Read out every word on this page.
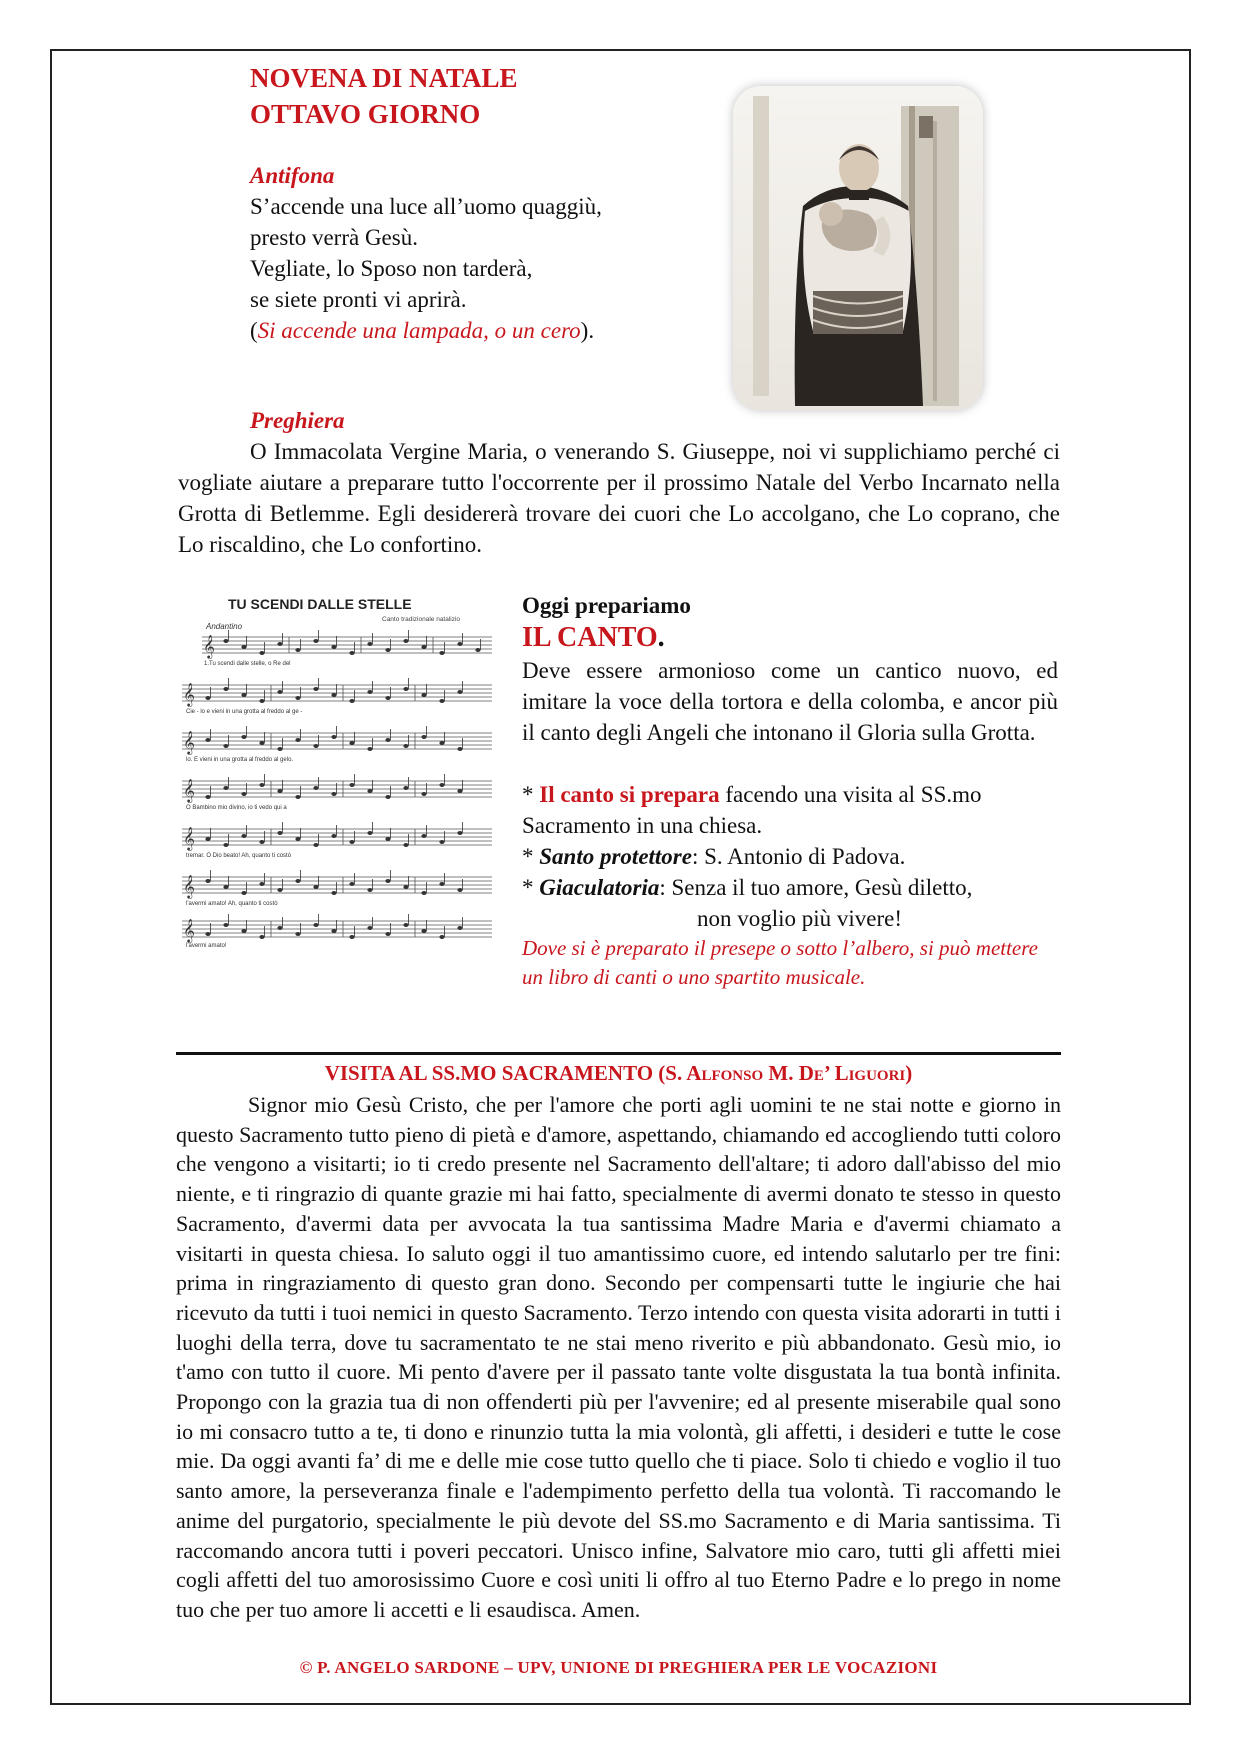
NOVENA DI NATALE
OTTAVO GIORNO
Antifona
S’accende una luce all’uomo quaggiù,
presto verrà Gesù.
Vegliate, lo Sposo non tarderà,
se siete pronti vi aprirà.
(Si accende una lampada, o un cero).
Preghiera
O Immacolata Vergine Maria, o venerando S. Giuseppe, noi vi supplichiamo perché ci vogliate aiutare a preparare tutto l'occorrente per il prossimo Natale del Verbo Incarnato nella Grotta di Betlemme. Egli desidererà trovare dei cuori che Lo accolgano, che Lo coprano, che Lo riscaldino, che Lo confortino.
TU SCENDI DALLE STELLE
Canto tradizionale natalizio
Andantino
𝄞
𝄞
𝄞
𝄞
𝄞
𝄞
𝄞
1.Tu scendi dalle stelle, o Re del
Cie - lo e vieni in una grotta al freddo al ge -
lo. E vieni in una grotta al freddo al gelo.
O Bambino mio divino, io ti vedo qui a
tremar. O Dio beato! Ah, quanto ti costò
l'avermi amato! Ah, quanto ti costò
l'avermi amato!
Oggi prepariamo
IL CANTO.

Deve essere armonioso come un cantico nuovo, ed imitare la voce della tortora e della colomba, e ancor più il canto degli Angeli che intonano il Gloria sulla Grotta.

* Il canto si prepara facendo una visita al SS.mo Sacramento in una chiesa.

* Santo protettore: S. Antonio di Padova.

* Giaculatoria: Senza il tuo amore, Gesù diletto,
non voglio più vivere!

Dove si è preparato il presepe o sotto l’albero, si può mettere un libro di canti o uno spartito musicale.

VISITA AL SS.MO SACRAMENTO (S. Alfonso M. De’ Liguori)

Signor mio Gesù Cristo, che per l'amore che porti agli uomini te ne stai notte e giorno in questo Sacramento tutto pieno di pietà e d'amore, aspettando, chiamando ed accogliendo tutti coloro che vengono a visitarti; io ti credo presente nel Sacramento dell'altare; ti adoro dall'abisso del mio niente, e ti ringrazio di quante grazie mi hai fatto, specialmente di avermi donato te stesso in questo Sacramento, d'avermi data per avvocata la tua santissima Madre Maria e d'avermi chiamato a visitarti in questa chiesa. Io saluto oggi il tuo amantissimo cuore, ed intendo salutarlo per tre fini: prima in ringraziamento di questo gran dono. Secondo per compensarti tutte le ingiurie che hai ricevuto da tutti i tuoi nemici in questo Sacramento. Terzo intendo con questa visita adorarti in tutti i luoghi della terra, dove tu sacramentato te ne stai meno riverito e più abbandonato. Gesù mio, io t'amo con tutto il cuore. Mi pento d'avere per il passato tante volte disgustata la tua bontà infinita. Propongo con la grazia tua di non offenderti più per l'avvenire; ed al presente miserabile qual sono io mi consacro tutto a te, ti dono e rinunzio tutta la mia volontà, gli affetti, i desideri e tutte le cose mie. Da oggi avanti fa’ di me e delle mie cose tutto quello che ti piace. Solo ti chiedo e voglio il tuo santo amore, la perseveranza finale e l'adempimento perfetto della tua volontà. Ti raccomando le anime del purgatorio, specialmente le più devote del SS.mo Sacramento e di Maria santissima. Ti raccomando ancora tutti i poveri peccatori. Unisco infine, Salvatore mio caro, tutti gli affetti miei cogli affetti del tuo amorosissimo Cuore e così uniti li offro al tuo Eterno Padre e lo prego in nome tuo che per tuo amore li accetti e li esaudisca. Amen.

© P. ANGELO SARDONE – UPV, UNIONE DI PREGHIERA PER LE VOCAZIONI
